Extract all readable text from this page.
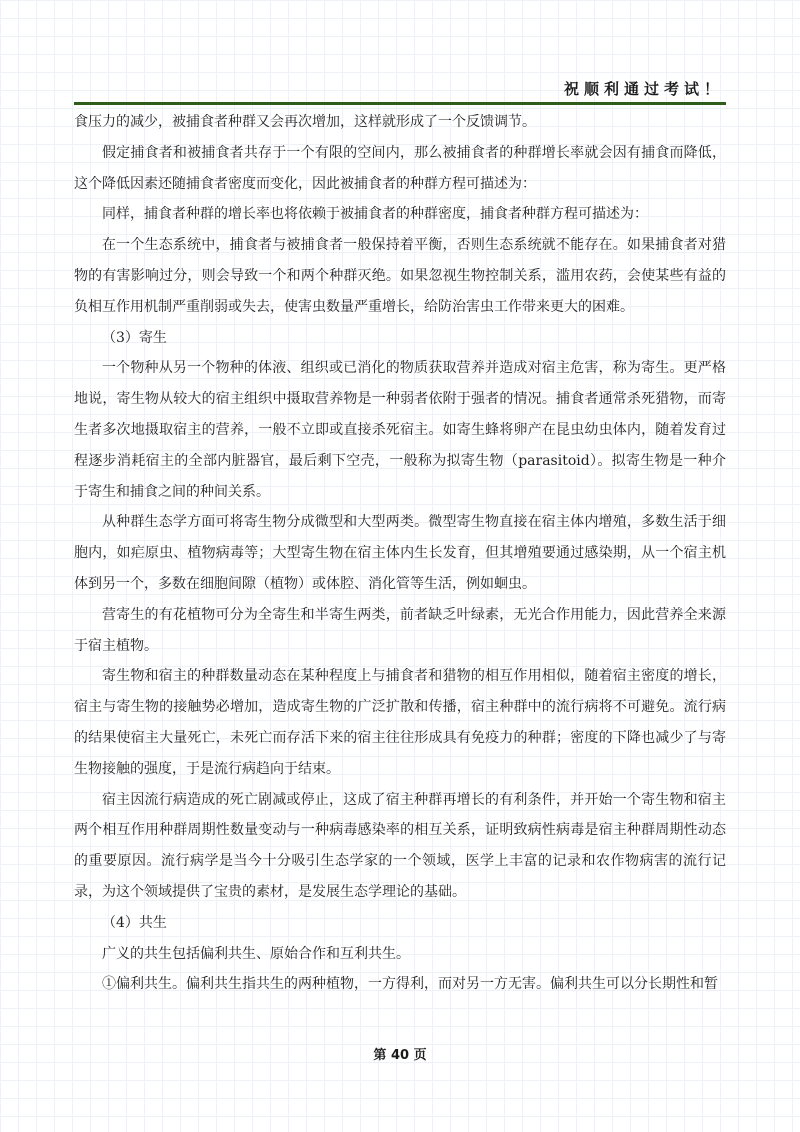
祝顺利通过考试！

食压力的减少，被捕食者种群又会再次增加，这样就形成了一个反馈调节。

假定捕食者和被捕食者共存于一个有限的空间内，那么被捕食者的种群增长率就会因有捕食而降低，这个降低因素还随捕食者密度而变化，因此被捕食者的种群方程可描述为：

同样，捕食者种群的增长率也将依赖于被捕食者的种群密度，捕食者种群方程可描述为：

在一个生态系统中，捕食者与被捕食者一般保持着平衡，否则生态系统就不能存在。如果捕食者对猎物的有害影响过分，则会导致一个和两个种群灭绝。如果忽视生物控制关系，滥用农药，会使某些有益的负相互作用机制严重削弱或失去，使害虫数量严重增长，给防治害虫工作带来更大的困难。

（3）寄生

一个物种从另一个物种的体液、组织或已消化的物质获取营养并造成对宿主危害，称为寄生。更严格地说，寄生物从较大的宿主组织中摄取营养物是一种弱者依附于强者的情况。捕食者通常杀死猎物，而寄生者多次地摄取宿主的营养，一般不立即或直接杀死宿主。如寄生蜂将卵产在昆虫幼虫体内，随着发育过程逐步消耗宿主的全部内脏器官，最后剩下空壳，一般称为拟寄生物（parasitoid）。拟寄生物是一种介于寄生和捕食之间的种间关系。

从种群生态学方面可将寄生物分成微型和大型两类。微型寄生物直接在宿主体内增殖，多数生活于细胞内，如疟原虫、植物病毒等；大型寄生物在宿主体内生长发育，但其增殖要通过感染期，从一个宿主机体到另一个，多数在细胞间隙（植物）或体腔、消化管等生活，例如蛔虫。

营寄生的有花植物可分为全寄生和半寄生两类，前者缺乏叶绿素，无光合作用能力，因此营养全来源于宿主植物。

寄生物和宿主的种群数量动态在某种程度上与捕食者和猎物的相互作用相似，随着宿主密度的增长，宿主与寄生物的接触势必增加，造成寄生物的广泛扩散和传播，宿主种群中的流行病将不可避免。流行病的结果使宿主大量死亡，未死亡而存活下来的宿主往往形成具有免疫力的种群；密度的下降也减少了与寄生物接触的强度，于是流行病趋向于结束。

宿主因流行病造成的死亡剧减或停止，这成了宿主种群再增长的有利条件，并开始一个寄生物和宿主两个相互作用种群周期性数量变动与一种病毒感染率的相互关系，证明致病性病毒是宿主种群周期性动态的重要原因。流行病学是当今十分吸引生态学家的一个领域，医学上丰富的记录和农作物病害的流行记录，为这个领域提供了宝贵的素材，是发展生态学理论的基础。

（4）共生

广义的共生包括偏利共生、原始合作和互利共生。

①偏利共生。偏利共生指共生的两种植物，一方得利，而对另一方无害。偏利共生可以分长期性和暂

第 40 页
